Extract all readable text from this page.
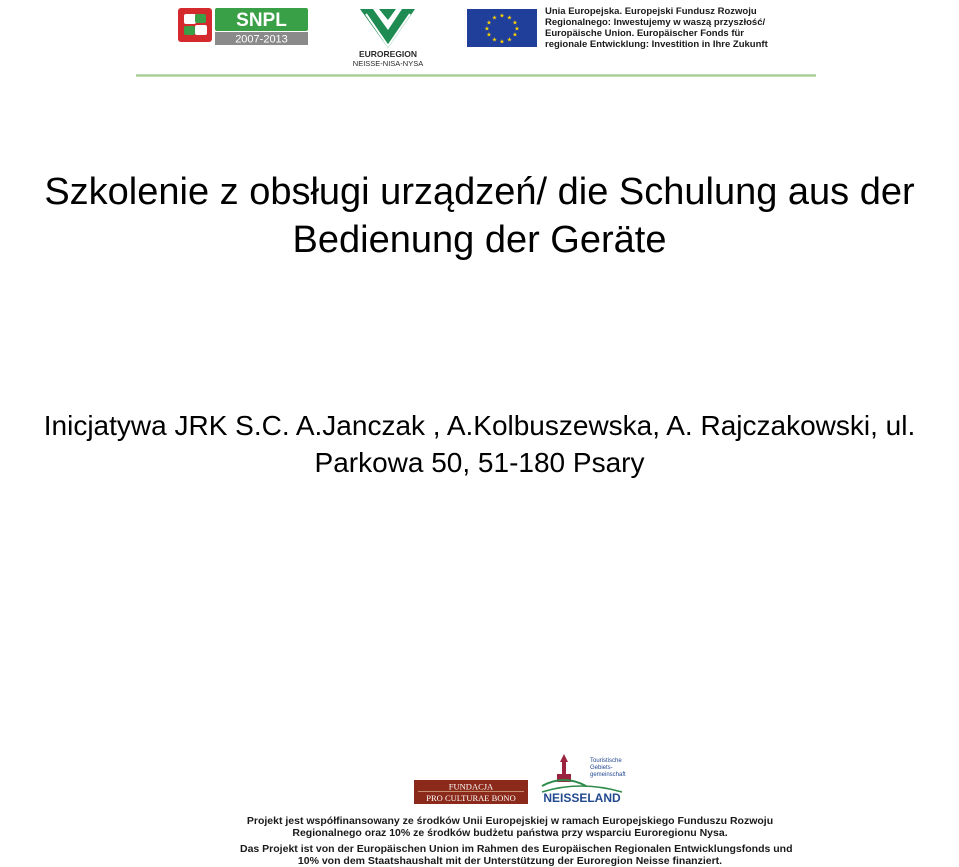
SNPL
2007-2013
EUROREGION
NEISSE-NISA-NYSA
★ ★
★
★
★
★
★
★
★
★
★
★
Unia Europejska. Europejski Fundusz Rozwoju
Regionalnego: Inwestujemy w waszą przyszłość/
Europäische Union. Europäischer Fonds für
regionale Entwicklung: Investition in Ihre Zukunft
Szkolenie z obsługi urządzeń/ die Schulung aus der
Bedienung der Geräte
Inicjatywa JRK S.C. A.Janczak , A.Kolbuszewska, A. Rajczakowski, ul.
Parkowa 50, 51-180 Psary
FUNDACJA
PRO CULTURAE BONO
Touristische
Gebiets-
gemeinschaft
NEISSELAND
Projekt jest współfinansowany ze środków Unii Europejskiej w ramach Europejskiego Funduszu Rozwoju
Regionalnego oraz 10% ze środków budżetu państwa przy wsparciu Euroregionu Nysa.
Das Projekt ist von der Europäischen Union im Rahmen des Europäischen Regionalen Entwicklungsfonds und
10% von dem Staatshaushalt mit der Unterstützung der Euroregion Neisse finanziert.
